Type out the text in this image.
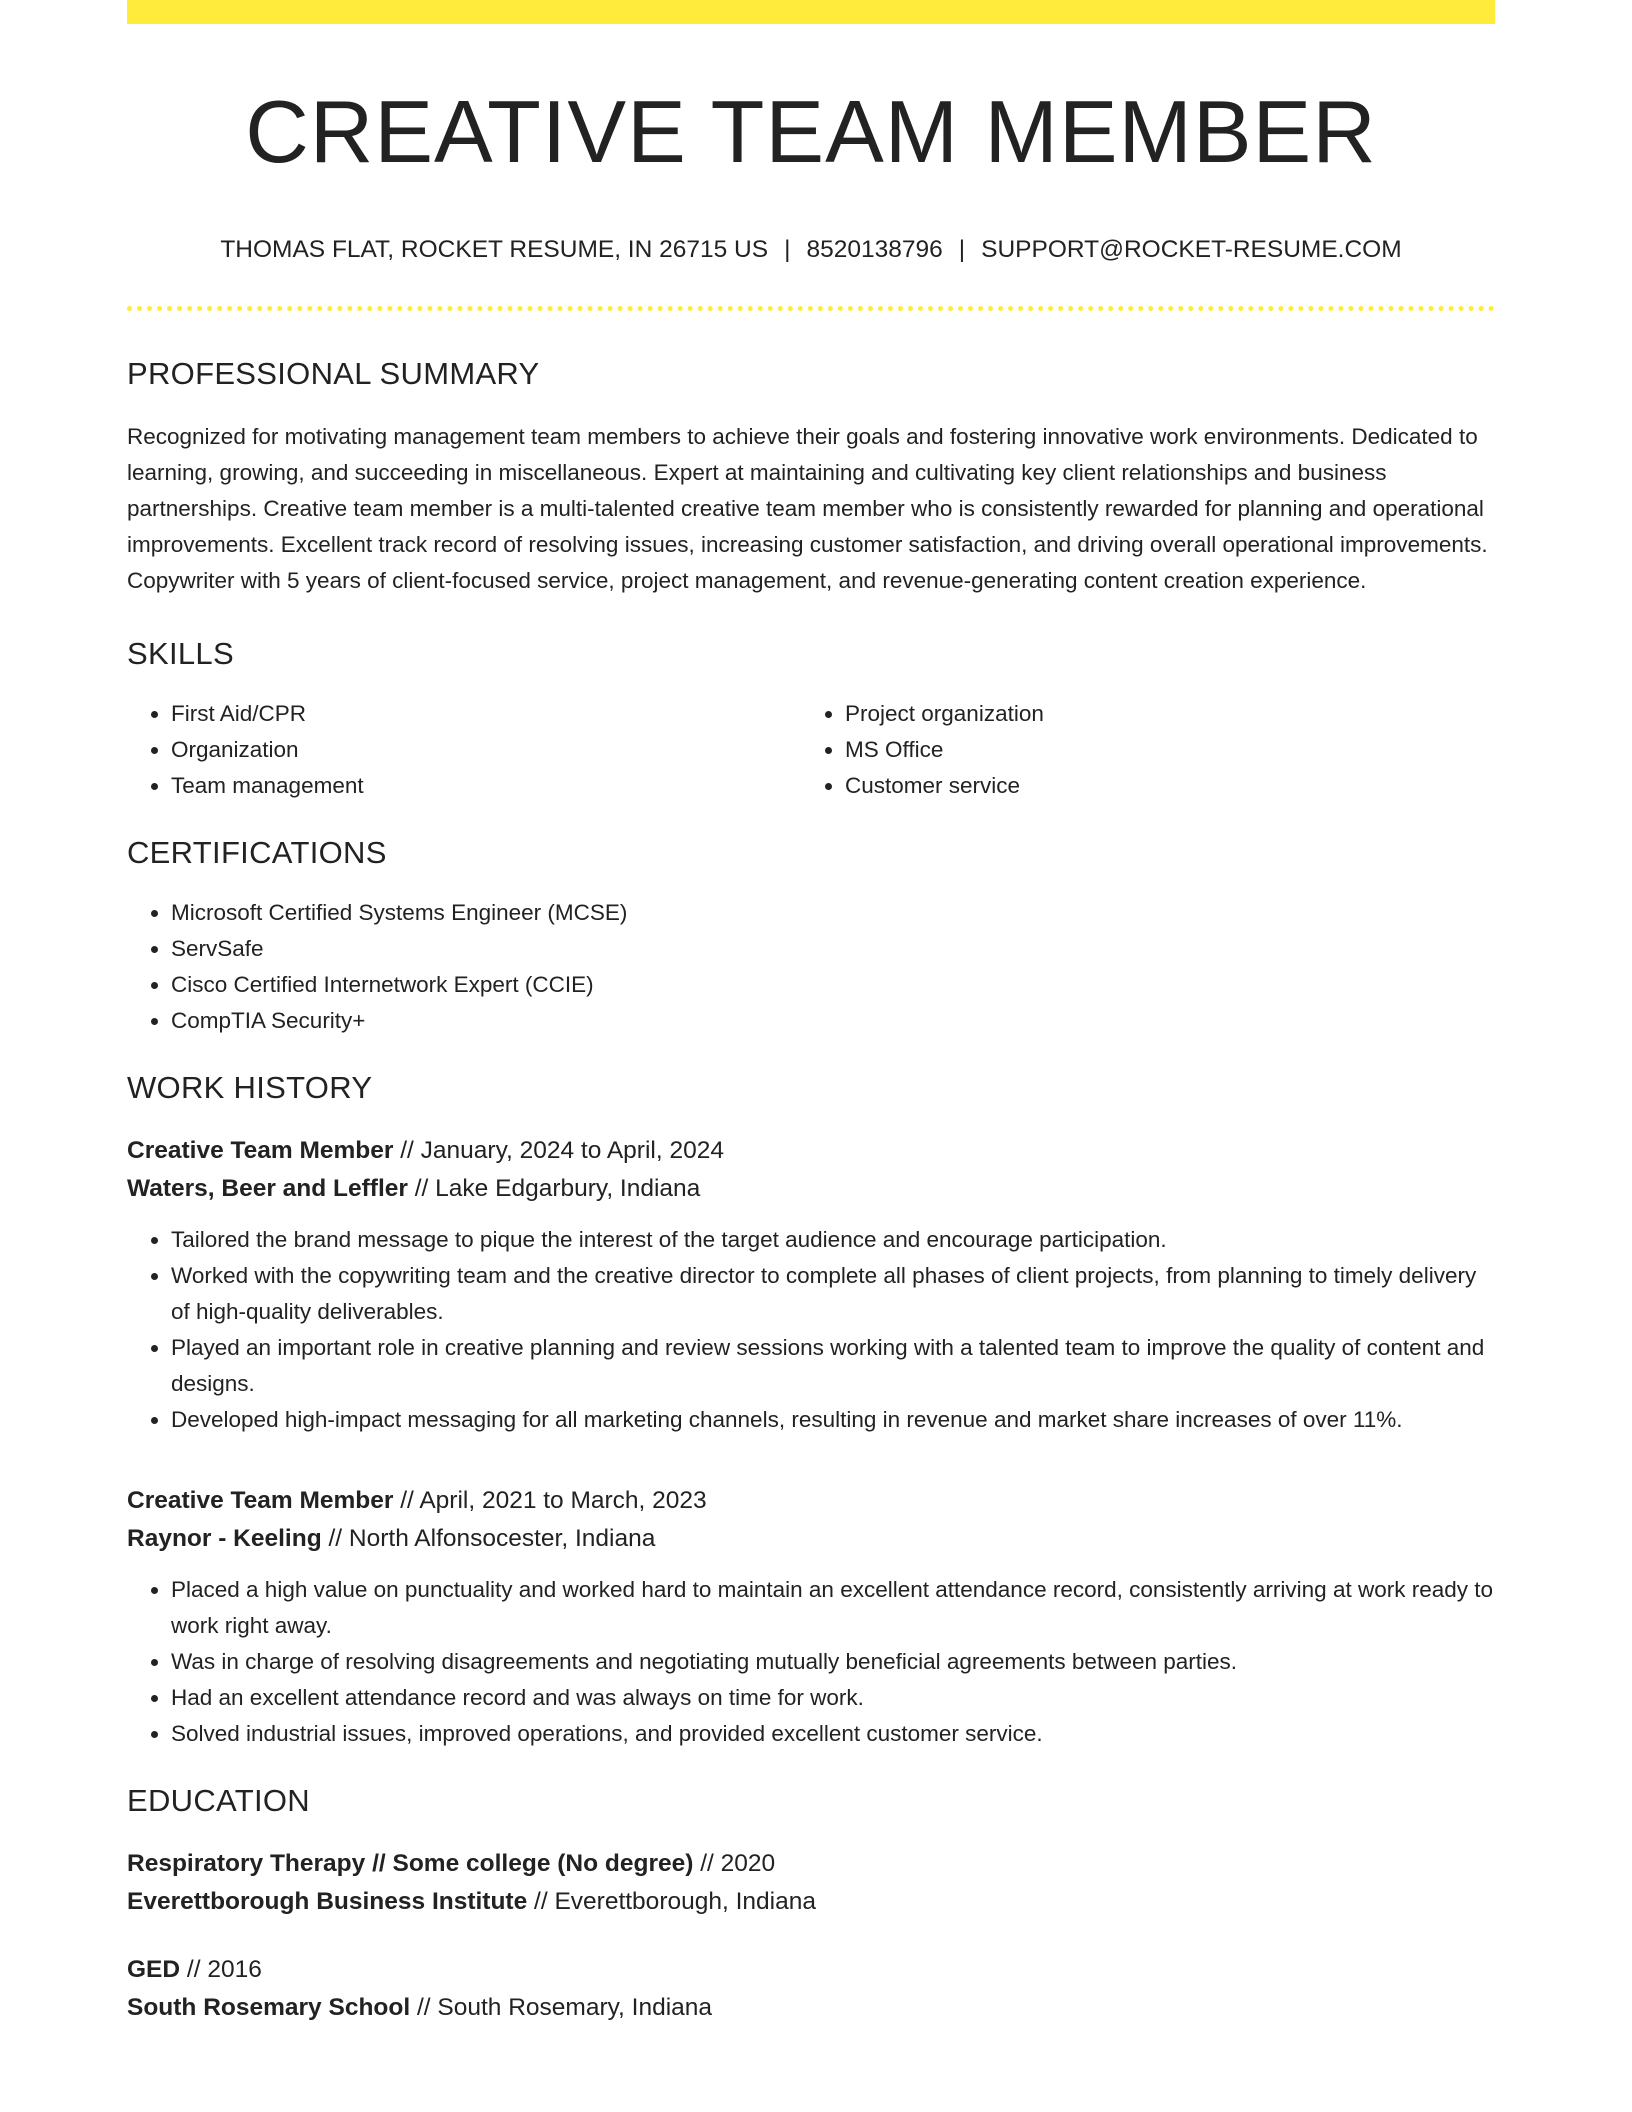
CREATIVE TEAM MEMBER
THOMAS FLAT, ROCKET RESUME, IN 26715 US | 8520138796 | SUPPORT@ROCKET-RESUME.COM
PROFESSIONAL SUMMARY

Recognized for motivating management team members to achieve their goals and fostering innovative work environments. Dedicated to learning, growing, and succeeding in miscellaneous. Expert at maintaining and cultivating key client relationships and business partnerships. Creative team member is a multi-talented creative team member who is consistently rewarded for planning and operational improvements. Excellent track record of resolving issues, increasing customer satisfaction, and driving overall operational improvements. Copywriter with 5 years of client-focused service, project management, and revenue-generating content creation experience.

SKILLS
• First Aid/CPR
• Organization
• Team management
• Project organization
• MS Office
• Customer service
CERTIFICATIONS
• Microsoft Certified Systems Engineer (MCSE)
• ServSafe
• Cisco Certified Internetwork Expert (CCIE)
• CompTIA Security+
WORK HISTORY
Creative Team Member // January, 2024 to April, 2024
Waters, Beer and Leffler // Lake Edgarbury, Indiana
• Tailored the brand message to pique the interest of the target audience and encourage participation.
• Worked with the copywriting team and the creative director to complete all phases of client projects, from planning to timely delivery of high-quality deliverables.
• Played an important role in creative planning and review sessions working with a talented team to improve the quality of content and designs.
• Developed high-impact messaging for all marketing channels, resulting in revenue and market share increases of over 11%.
Creative Team Member // April, 2021 to March, 2023
Raynor - Keeling // North Alfonsocester, Indiana
• Placed a high value on punctuality and worked hard to maintain an excellent attendance record, consistently arriving at work ready to work right away.
• Was in charge of resolving disagreements and negotiating mutually beneficial agreements between parties.
• Had an excellent attendance record and was always on time for work.
• Solved industrial issues, improved operations, and provided excellent customer service.
EDUCATION
Respiratory Therapy // Some college (No degree) // 2020
Everettborough Business Institute // Everettborough, Indiana
GED // 2016
South Rosemary School // South Rosemary, Indiana
